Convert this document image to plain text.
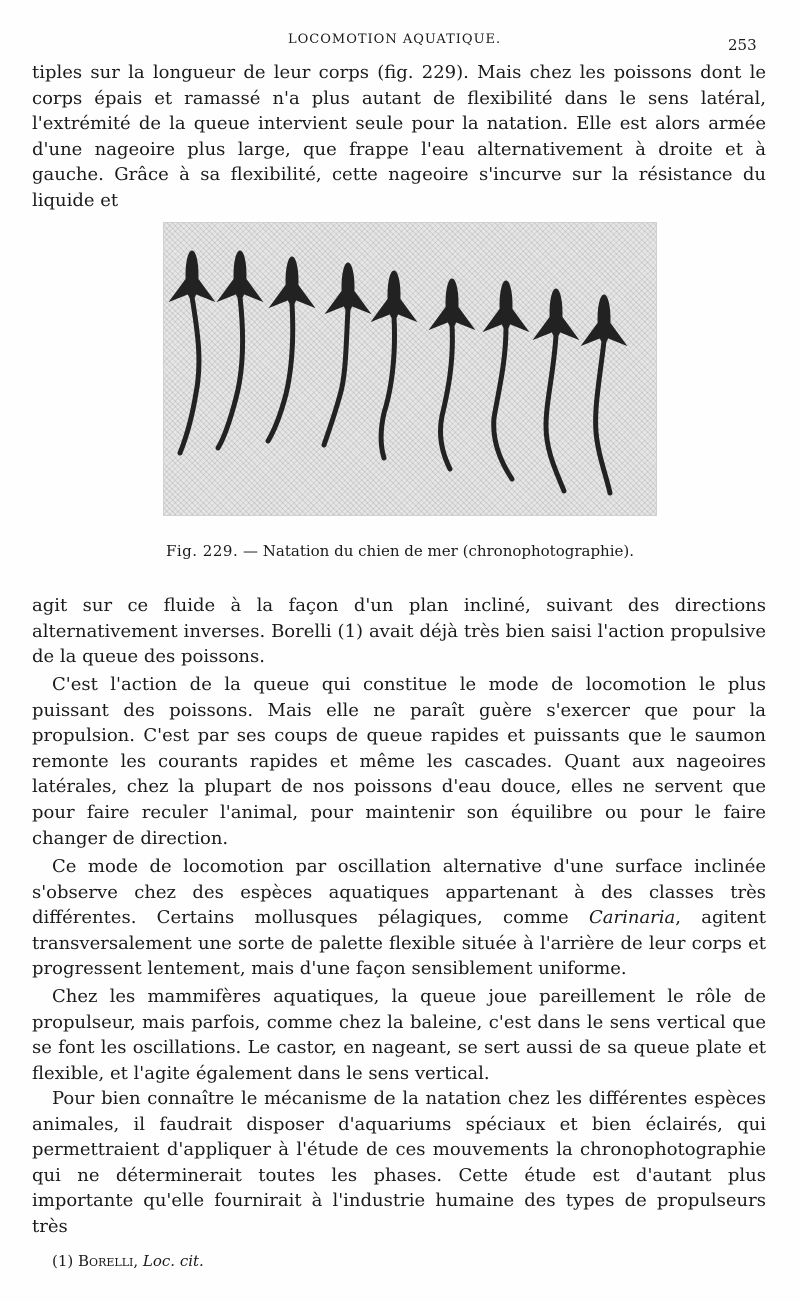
LOCOMOTION AQUATIQUE.	253

tiples sur la longueur de leur corps (fig. 229). Mais chez les poissons dont le corps épais et ramassé n'a plus autant de flexibilité dans le sens latéral, l'extrémité de la queue intervient seule pour la natation. Elle est alors armée d'une nageoire plus large, que frappe l'eau alternativement à droite et à gauche. Grâce à sa flexibilité, cette nageoire s'incurve sur la résistance du liquide et

Fig. 229. — Natation du chien de mer (chronophotographie).

agit sur ce fluide à la façon d'un plan incliné, suivant des directions alternativement inverses. Borelli (1) avait déjà très bien saisi l'action propulsive de la queue des poissons.

C'est l'action de la queue qui constitue le mode de locomotion le plus puissant des poissons. Mais elle ne paraît guère s'exercer que pour la propulsion. C'est par ses coups de queue rapides et puissants que le saumon remonte les courants rapides et même les cascades. Quant aux nageoires latérales, chez la plupart de nos poissons d'eau douce, elles ne servent que pour faire reculer l'animal, pour maintenir son équilibre ou pour le faire changer de direction.

Ce mode de locomotion par oscillation alternative d'une surface inclinée s'observe chez des espèces aquatiques appartenant à des classes très différentes. Certains mollusques pélagiques, comme Carinaria, agitent transversalement une sorte de palette flexible située à l'arrière de leur corps et progressent lentement, mais d'une façon sensiblement uniforme.

Chez les mammifères aquatiques, la queue joue pareillement le rôle de propulseur, mais parfois, comme chez la baleine, c'est dans le sens vertical que se font les oscillations. Le castor, en nageant, se sert aussi de sa queue plate et flexible, et l'agite également dans le sens vertical.

Pour bien connaître le mécanisme de la natation chez les différentes espèces animales, il faudrait disposer d'aquariums spéciaux et bien éclairés, qui permettraient d'appliquer à l'étude de ces mouvements la chronophotographie qui ne déterminerait toutes les phases. Cette étude est d'autant plus importante qu'elle fournirait à l'industrie humaine des types de propulseurs très

(1) Borelli, Loc. cit.
